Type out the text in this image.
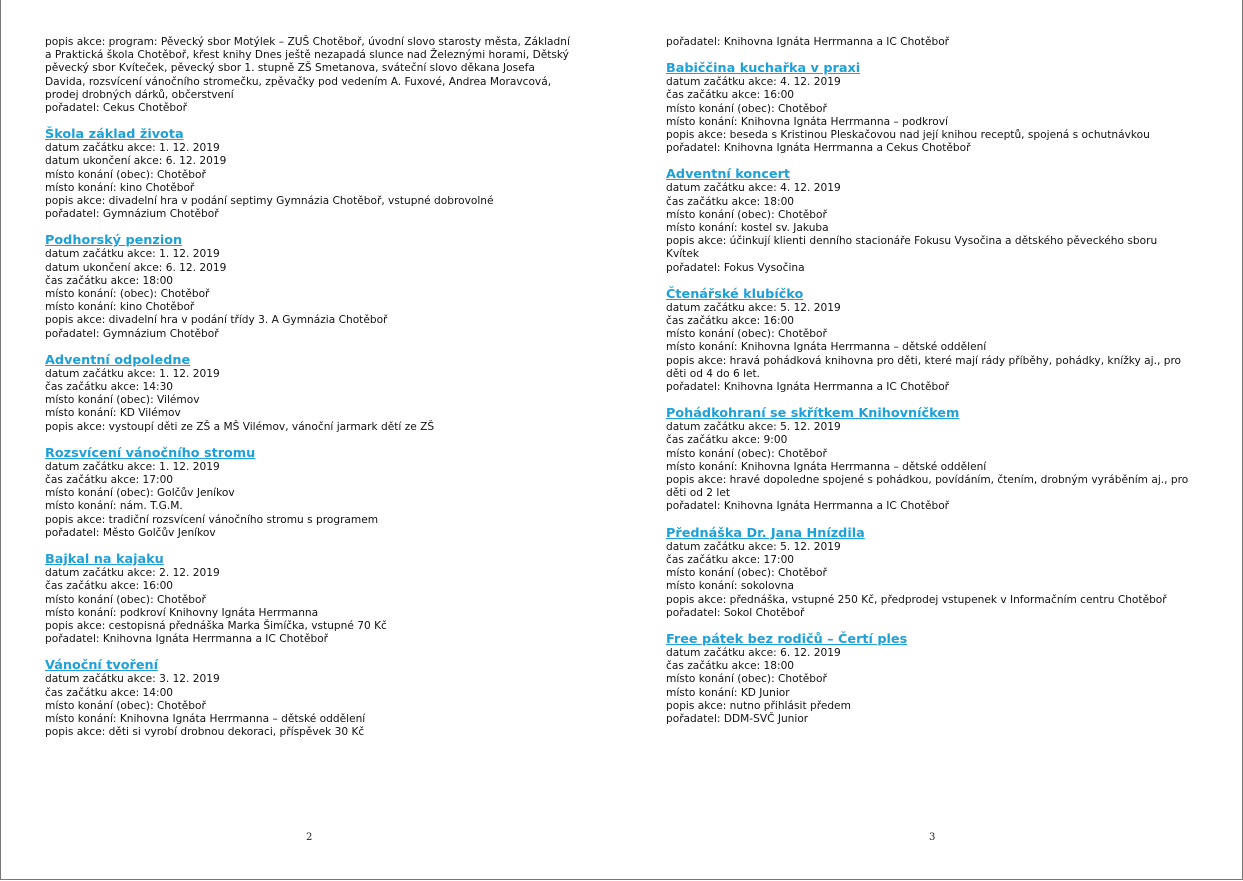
popis akce: program: Pěvecký sbor Motýlek – ZUŠ Chotěboř, úvodní slovo starosty města, Základní
a Praktická škola Chotěboř, křest knihy Dnes ještě nezapadá slunce nad Železnými horami, Dětský
pěvecký sbor Kvíteček, pěvecký sbor 1. stupně ZŠ Smetanova, sváteční slovo děkana Josefa
Davida, rozsvícení vánočního stromečku, zpěvačky pod vedením A. Fuxové, Andrea Moravcová,
prodej drobných dárků, občerstvení
pořadatel: Cekus Chotěboř
Škola základ života
datum začátku akce: 1. 12. 2019
datum ukončení akce: 6. 12. 2019
místo konání (obec): Chotěboř
místo konání: kino Chotěboř
popis akce: divadelní hra v podání septimy Gymnázia Chotěboř, vstupné dobrovolné
pořadatel: Gymnázium Chotěboř
Podhorský penzion
datum začátku akce: 1. 12. 2019
datum ukončení akce: 6. 12. 2019
čas začátku akce: 18:00
místo konání: (obec): Chotěboř
místo konání: kino Chotěboř
popis akce: divadelní hra v podání třídy 3. A Gymnázia Chotěboř
pořadatel: Gymnázium Chotěboř
Adventní odpoledne
datum začátku akce: 1. 12. 2019
čas začátku akce: 14:30
místo konání (obec): Vilémov
místo konání: KD Vilémov
popis akce: vystoupí děti ze ZŠ a MŠ Vilémov, vánoční jarmark dětí ze ZŠ
Rozsvícení vánočního stromu
datum začátku akce: 1. 12. 2019
čas začátku akce: 17:00
místo konání (obec): Golčův Jeníkov
místo konání: nám. T.G.M.
popis akce: tradiční rozsvícení vánočního stromu s programem
pořadatel: Město Golčův Jeníkov
Bajkal na kajaku
datum začátku akce: 2. 12. 2019
čas začátku akce: 16:00
místo konání (obec): Chotěboř
místo konání: podkroví Knihovny Ignáta Herrmanna
popis akce: cestopisná přednáška Marka Šimíčka, vstupné 70 Kč
pořadatel: Knihovna Ignáta Herrmanna a IC Chotěboř
Vánoční tvoření
datum začátku akce: 3. 12. 2019
čas začátku akce: 14:00
místo konání (obec): Chotěboř
místo konání: Knihovna Ignáta Herrmanna – dětské oddělení
popis akce: děti si vyrobí drobnou dekoraci, příspěvek 30 Kč
pořadatel: Knihovna Ignáta Herrmanna a IC Chotěboř
Babiččina kuchařka v praxi
datum začátku akce: 4. 12. 2019
čas začátku akce: 16:00
místo konání (obec): Chotěboř
místo konání: Knihovna Ignáta Herrmanna – podkroví
popis akce: beseda s Kristinou Pleskačovou nad její knihou receptů, spojená s ochutnávkou
pořadatel: Knihovna Ignáta Herrmanna a Cekus Chotěboř
Adventní koncert
datum začátku akce: 4. 12. 2019
čas začátku akce: 18:00
místo konání (obec): Chotěboř
místo konání: kostel sv. Jakuba
popis akce: účinkují klienti denního stacionáře Fokusu Vysočina a dětského pěveckého sboru
Kvítek
pořadatel: Fokus Vysočina
Čtenářské klubíčko
datum začátku akce: 5. 12. 2019
čas začátku akce: 16:00
místo konání (obec): Chotěboř
místo konání: Knihovna Ignáta Herrmanna – dětské oddělení
popis akce: hravá pohádková knihovna pro děti, které mají rády příběhy, pohádky, knížky aj., pro
děti od 4 do 6 let.
pořadatel: Knihovna Ignáta Herrmanna a IC Chotěboř
Pohádkohraní se skřítkem Knihovníčkem
datum začátku akce: 5. 12. 2019
čas začátku akce: 9:00
místo konání (obec): Chotěboř
místo konání: Knihovna Ignáta Herrmanna – dětské oddělení
popis akce: hravé dopoledne spojené s pohádkou, povídáním, čtením, drobným vyráběním aj., pro
děti od 2 let
pořadatel: Knihovna Ignáta Herrmanna a IC Chotěboř
Přednáška Dr. Jana Hnízdila
datum začátku akce: 5. 12. 2019
čas začátku akce: 17:00
místo konání (obec): Chotěboř
místo konání: sokolovna
popis akce: přednáška, vstupné 250 Kč, předprodej vstupenek v Informačním centru Chotěboř
pořadatel: Sokol Chotěboř
Free pátek bez rodičů – Čertí ples
datum začátku akce: 6. 12. 2019
čas začátku akce: 18:00
místo konání (obec): Chotěboř
místo konání: KD Junior
popis akce: nutno přihlásit předem
pořadatel: DDM-SVČ Junior
2	3
